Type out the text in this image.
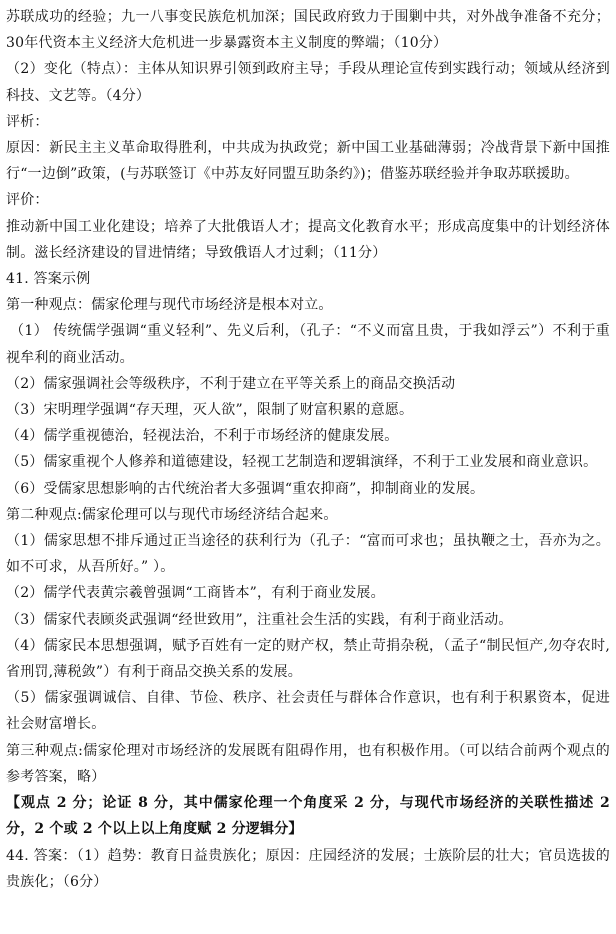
苏联成功的经验；九一八事变民族危机加深；国民政府致力于围剿中共，对外战争准备不充分；30年代资本主义经济大危机进一步暴露资本主义制度的弊端；（10分）

（2）变化（特点）：主体从知识界引领到政府主导；手段从理论宣传到实践行动；领域从经济到科技、文艺等。（4分）

评析：

原因：新民主主义革命取得胜利，中共成为执政党；新中国工业基础薄弱；冷战背景下新中国推行“一边倒”政策，(与苏联签订《中苏友好同盟互助条约》)；借鉴苏联经验并争取苏联援助。

评价：

推动新中国工业化建设；培养了大批俄语人才；提高文化教育水平；形成高度集中的计划经济体制。滋长经济建设的冒进情绪；导致俄语人才过剩；（11分）

41. 答案示例

第一种观点：儒家伦理与现代市场经济是根本对立。

（1） 传统儒学强调“重义轻利”、先义后利，（孔子：“不义而富且贵，于我如浮云”）不利于重视牟利的商业活动。

（2）儒家强调社会等级秩序，不利于建立在平等关系上的商品交换活动

（3）宋明理学强调“存天理，灭人欲”，限制了财富积累的意愿。

（4）儒学重视德治，轻视法治，不利于市场经济的健康发展。

（5）儒家重视个人修养和道德建设，轻视工艺制造和逻辑演绎，不利于工业发展和商业意识。

（6）受儒家思想影响的古代统治者大多强调“重农抑商”，抑制商业的发展。

第二种观点:儒家伦理可以与现代市场经济结合起来。

（1）儒家思想不排斥通过正当途径的获利行为（孔子：“富而可求也；虽执鞭之士，吾亦为之。如不可求，从吾所好。” ）。

（2）儒学代表黄宗羲曾强调“工商皆本”，有利于商业发展。

（3）儒家代表顾炎武强调“经世致用”，注重社会生活的实践，有利于商业活动。

（4）儒家民本思想强调，赋予百姓有一定的财产权，禁止苛捐杂税，（孟子“制民恒产,勿夺农时,省刑罚,薄税敛”）有利于商品交换关系的发展。

（5）儒家强调诚信、自律、节俭、秩序、社会责任与群体合作意识，也有利于积累资本，促进社会财富增长。

第三种观点:儒家伦理对市场经济的发展既有阻碍作用，也有积极作用。（可以结合前两个观点的参考答案，略）

【观点 2 分；论证 8 分，其中儒家伦理一个角度采 2 分，与现代市场经济的关联性描述 2 分，2 个或 2 个以上以上角度赋 2 分逻辑分】

44. 答案：（1）趋势：教育日益贵族化；原因：庄园经济的发展；士族阶层的壮大；官员选拔的贵族化；（6分）
